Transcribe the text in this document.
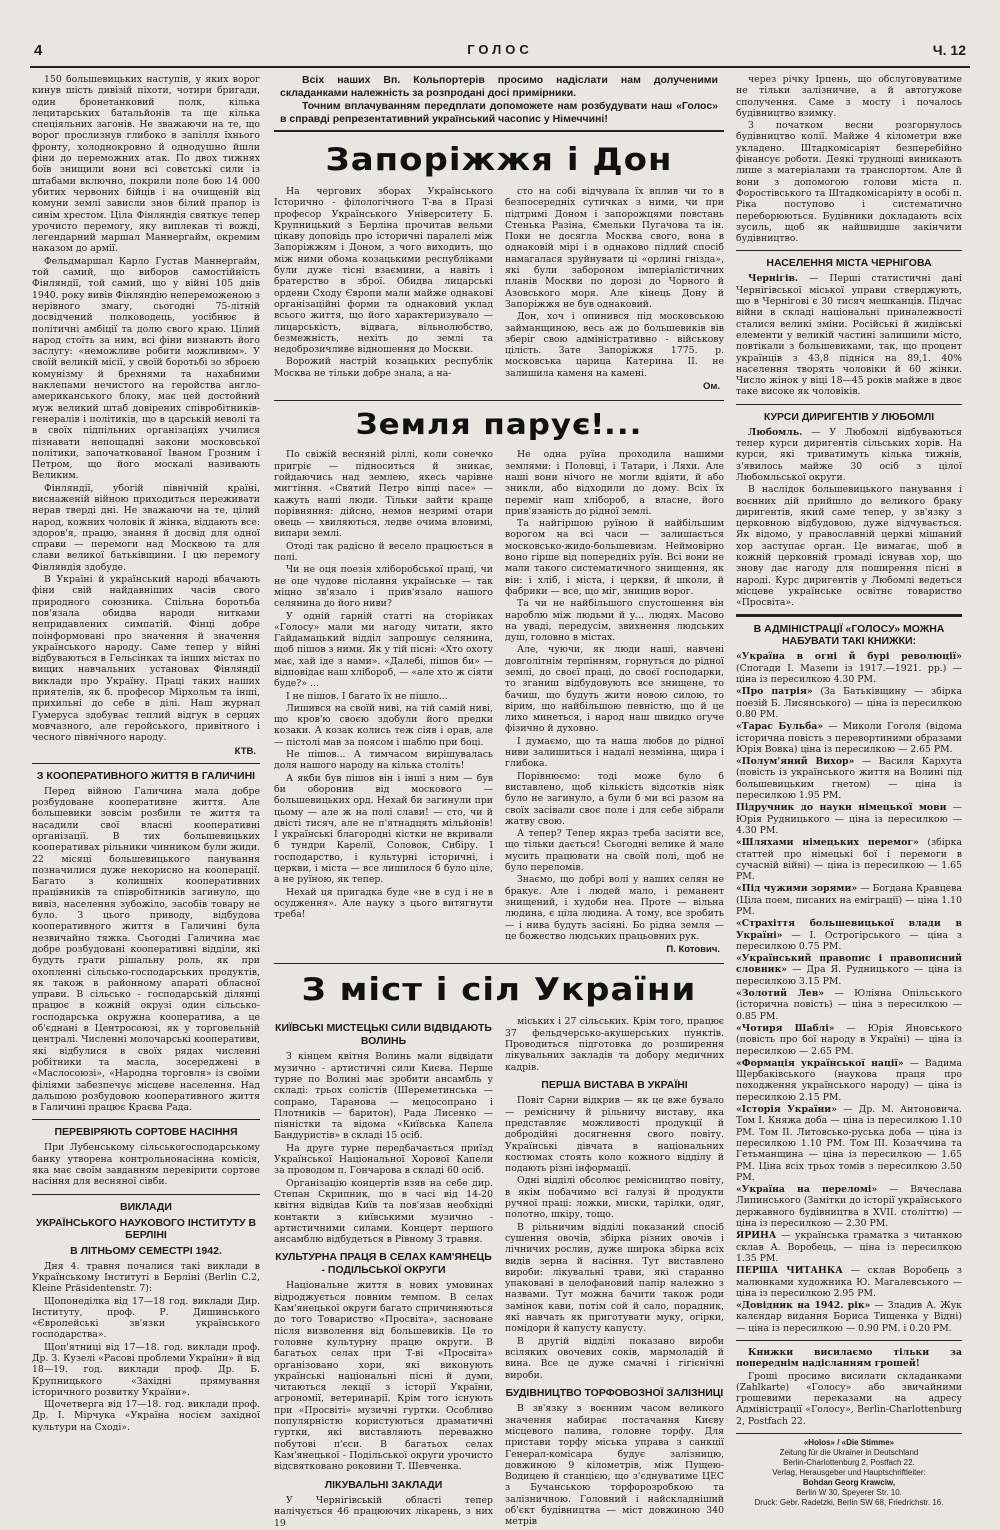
4	ГОЛОС	Ч. 12

150 большевицьких наступів, у яких ворог кинув шість дивізій піхоти, чотири бригади, один бронетанковий полк, кілька лецитарських батальйонів та ще кілька спеціяльних загонів. Не зважаючи на те, що ворог прослизнув глибоко в запілля їхнього фронту, холоднокровно й однодушно йшли фіни до переможних атак. По двох тижнях боїв знищили вони всі совєтські сили із штабами включно, покрили поле бою 14 000 убитих червоних бійців і на очищеній від комуни землі зависли знов білий прапор із синім хрестом. Ціла Фінляндія святкує тепер урочисто перемогу, яку виплекав ті вожді, легендарний маршал Маннергайм, окремим наказом до армії.

Фельдмаршал Карло Густав Маннергайм, той самий, що виборов самостійність Фінляндії, той самий, що у війні 105 днів 1940. року вивів Фінляндію непереможеною з нерівного змагу, сьогодні 75-літній досвідчений полководець, уосібнює й політичні амбіції та долю свого краю. Цілий народ стоїть за ним, всі фіни визнають його заслугу: «неможливе робити можливим». У своїй великій місії, у своїй боротьбі зо зброєю комунізму й брехнями та нахабними наклепами нечистого на геройства англо-американського блоку, має цей достойний муж великий штаб довірених співробітників-генералів і політиків, що в царській неволі та в своїх підпільних організаціях училися пізнавати непощадні закони московської політики, започаткованої Іваном Грозним і Петром, що його москалі називають Великим.

Фінляндії, убогій північній країні, виснаженій війною приходиться переживати нерав тверді дні. Не зважаючи на те, цілий народ, кожних чоловік й жінка, віддають все: здоров'я, працю, знання й досвід для одної справи — перемоги над Москвою та для слави великої батьківщини. І цю перемогу Фінляндія здобуде.

В Україні й український народі вбачають фіни свій найдавніших часів свого природного союзника. Спільна боротьба пов'язала обидва народи нитками непридавлених симпатій. Фінці добре поінформовані про значення й значення українського народу. Саме тепер у війні відбуваються в Гельсінках та інших містах по вищих навчальних установах Фінляндії виклади про Україну. Праці таких наших приятелів, як б. професор Мірхольм та інші, прихильні до себе в ділі. Наш журнал Гумеруса здобуває теплий відгук в серцях мовчазного, але геройського, привітного і чесного північного народу.

КТВ.
З КООПЕРАТИВНОГО ЖИТТЯ В ГАЛИЧИНІ

Перед війною Галичина мала добре розбудоване кооперативне життя. Але большевики зовсім розбили те життя та насадили свої власні кооперативні організації. В тих большевицьких кооперативах рільники чинником були жиди. 22 місяці большевицького панування позначилися дуже некорисно на кооперації. Багато з колишніх кооперативних працівників та співробітників загинуло, що вивіз, населення зубожіло, засобів товару не було. З цього приводу, відбудова кооперативного життя в Галичині була незвичайно тяжка. Сьогодні Галичина має добре розбудовані кооперативні відділи, які будуть грати рішальну роль, як при охопленні сільсько-господарських продуктів, як також в районному апараті обласної управи. В сільсько - господарській ділянці працює в кожній окрузі один сільсько-господарська окружна кооператива, а це об'єднані в Центросоюзі, як у торговельній централі. Численні молочарські кооперативи, які відбулися в своїх рядах численні робітники та масла, зосереджені в «Маслосоюзі», «Народна торговля» із своїми філіями забезпечує місцеве населення. Над дальшою розбудовою кооперативного життя в Галичині працює Краєва Рада.

ПЕРЕВІРЯЮТЬ СОРТОВЕ НАСІННЯ

При Лубенському сільськогосподарському банку утворена контрольнонасінна комісія, яка має своїм завданням перевірити сортове насіння для весняної сівби.

ВИКЛАДИ
УКРАЇНСЬКОГО НАУКОВОГО ІНСТИТУТУ В БЕРЛІНІ
В ЛІТНЬОМУ СЕМЕСТРІ 1942.

Дня 4. травня почалися такі виклади в Українському Інституті в Берліні (Berlin C.2, Kleine Präsidentenstr. 7):

Щопонеділка від 17—18 год. виклади Дир. Інституту, проф. Р. Дишинського «Європейські зв'язки українського господарства».

Щоп'ятниці від 17—18. год. виклади проф. Др. З. Кузелі «Расові проблеми України» й від 18—19. год. виклади проф. Др. Б. Крупницького «Західні прямування історичного розвитку України».

Щочетверга від 17—18. год. виклади проф. Др. І. Мірчука «Україна носієм західної культури на Сході».

Всіх наших Вп. Кольпортерів просимо надіслати нам долученими складанками належність за розпродані досі примірники.

Точним вплачуванням передплати допоможете нам розбудувати наш «Голос» в справді репрезентативний український часопис у Німеччині!

Запоріжжя і Дон

На чергових зборах Українського Історично - філологічного Т-ва в Празі професор Українського Університету Б. Крупницький з Берліна прочитав вельми цікаву доповідь про історичні паралелі між Запоріжжям і Доном, з чого виходить, що між ними обома козацькими республіками були дуже тісні взаємини, а навіть і братерство в зброї. Обидва лицарські ордени Сходу Європи мали майже однакові організаційні форми та однаковий уклад всього життя, що його характеризувало — лицарськість, відвага, вільнолюбство, безмежність, нехіть до землі та недоброзичливе відношення до Москви.

Ворожий настрій козацьких республік Москва не тільки добре знала, а на-

сто на собі відчувала їх вплив чи то в безпосередніх сутичках з ними, чи при підтримі Доном і запорожцями повстань Стенька Разіна, Ємельки Пугачова та ін. Поки не досягла Москва свого, вона в однаковій мірі і в однаково підлий спосіб намагалася зруйнувати ці «орлині гнізда», які були забороном імперіалістичних планів Москви по дорозі до Чорного й Азовського моря. Але кінець Дону й Запоріжжя не був однаковий.

Дон, хоч і опинився під московською займанщиною, весь аж до большевиків вів зберіг свою адміністративно - військову цілість. Зате Запоріжжя 1775. р. московська царица Катерина II. не залишила каменя на камені.

Ом.
Земля паруєǃ...

По свіжій весняній ріллі, коли сонечко пригріє — підноситься й зникає, гойдаючись над землею, якесь чарівне мигтіння. «Святий Петро віпці пасе» — кажуть наші люди. Тільки зайти краще порівняння: дійсно, немов незримі отари овець — хвиляються, ледве очима вловимі, випари землі.

Отоді так радісно й весело працюється в полі.

Чи не оця поезія хліборобської праці, чи не оце чудове післання українське — так міцно зв'язало і прив'язало нашого селянина до його ниви?

У одній гарній статті на сторінках «Голосу» мали ми нагоду читати, якто Гайдамацький відділ запрошує селянина, щоб пішов з ними. Як у тій пісні: «Хто охоту має, хай іде з нами». «Далебі, пішов би» — відповідає наш хлібороб, — «але хто ж сіяти буде?» ...

І не пішов. І багато їх не пішло...

Лишився на своїй ниві, на тій самій ниві, що кров'ю своєю здобули його предки козаки. А козак колись теж сіяв і орав, але — пістолі мав за поясом і шаблю при боці.

Не пішов... А тимчасом вирішувалась доля нашого народу на кілька століть!

А якби був пішов він і інші з ним — був би оборонив від москового — большевицьких орд. Нехай би загинули при цьому — але ж на полі слави! — сто, чи й двісті тисяч, але не п'ятнадцять мільйонів! І українські благородні кістки не вкривали б тундри Карелії, Соловок, Сибіру. І господарство, і культурні історичні, і церкви, і міста — все лишилося б було ціле, а не руїною, як тепер.

Нехай ця пригадка буде «не в суд і не в осудження». Але науку з цього витягнути треба!

Не одна руїна проходила нашими землями: і Половці, і Татари, і Ляхи. Але наші вони нічого не могли вдіяти, й або зникли, або відходили до дому. Всіх їх переміг наш хлібороб, а власне, його прив'язаність до рідної землі.

Та найгіршою руїною й найбільшим ворогом на всі часи — залишається московсько-жидо-большевизм. Неймовірно воно гірше від попередніх руїн. Всі вони не мали такого систематичного знищення, як він: і хліб, і міста, і церкви, й школи, й фабрики — все, що міг, знищив ворог.

Та чи не найбільшого спустошення він нароблю між людьми й у... людях. Масово на уваді, передусім, звихнення людських душ, головно в містах.

Але, чуючи, як люди наші, навчені довголітнім терпінням, горнуться до рідної землі, до своєї праці, до своєї господарки, то зганиш відбудовують все знищене, то бачиш, що будуть жити новою силою, то вірим, що найбільшою певністю, що й це лихо минеться, і народ наш швидко огуче фізично й духовно.

І думаємо, що та наша любов до рідної ниви залишиться і надалі незмінна, щира і глибока.

Порівнюємо: тоді може було б виставлено, щоб кількість відсотків ніяк було не загинуло, а були б ми всі разом на своїх засівали своє поле і для себе зібрали жатву свою.

А тепер? Тепер якраз треба засіяти все, що тільки дається! Сьогодні велике й мале мусить працювати на своїй полі, щоб не було переломів.

Знаємо, що добрі волі у наших селян не бракує. Але і людей мало, і реманент знищений, і худоби неа. Проте — вільна людина, є ціла людина. А тому, все зробить — і нива будуть засіяні. Бо рідна земля — це божество людських працьовних рук.

П. Котович.
З міст і сіл України
КИЇВСЬКІ МИСТЕЦЬКІ СИЛИ ВІДВІДАЮТЬ ВОЛИНЬ

З кінцем квітня Волинь мали відвідати музично - артистичні сили Києва. Перше турне по Волині має зробити ансамбль у складі: трьох солістів (Шереметинська — сопрано, Таранова — мецосопрано і Плотників — баритон), Рада Лисенко — піяністки та відома «Київська Капела Бандуристів» в складі 15 осіб.

На друге турне передбачається приїзд Української Національної Хорової Капели за проводом п. Гончарова в складі 60 осіб.

Організацію концертів взяв на себе дир. Степан Скрипник, що в часі від 14-20 квітня відвідав Київ та пов'язав необхідні контакти з київськими музично - артистичними силами. Концерт першого ансамблю відбудеться в Рівному 3 травня.

КУЛЬТУРНА ПРАЦЯ В СЕЛАХ КАМ'ЯНЕЦЬ - ПОДІЛЬСЬКОЇ ОКРУГИ

Національне життя в нових умовинах відроджується повним темпом. В селах Кам'янецької округи багато спричиняються до того Товариство «Просвіта», засноване після визволення від большевиків. Це то головне культурну працю округи. В багатьох селах при Т-ві «Просвіта» організовано хори, які виконують українські національні пісні й думи, читаються лекції з історії України, агрономії, ветеринарії. Крім того існують при «Просвіті» музичні гуртки. Особливо популярністю користуються драматичні гуртки, які виставляють переважно побутові п'єси. В багатьох селах Кам'янецької - Подільської округи урочисто відсвятковано роковини Т. Шевченка.

ЛІКУВАЛЬНІ ЗАКЛАДИ

У Чернігівській області тепер налічується 46 працюючих лікарень, з них 19

міських і 27 сільських. Крім того, працює 37 фельдчерсько-акушерських пунктів. Проводиться підготовка до розширення лікувальних закладів та добору медичних кадрів.

ПЕРША ВИСТАВА В УКРАЇНІ

Повіт Сарни відкрив — як це вже бувало — ремісничу й рільничу виставу, яка представляє можливості продукції й добродійні досягнення свого повіту. Українські дівчата в національних костюмах стоять коло кожного відділу й подають різні інформації.

Одні відділі обсолює ремісництво повіту, в якім побачимо всі галузі й продукти ручної праці: ложки, миски, тарілки, одяг, полотно, шкіру, тощо.

В рільничим відділі показаний спосіб сушення овочів, збірка різних овочів і лічничих рослин, дуже широка збірка всіх видів зерна й насіння. Тут виставлено вироби: лікувальні трави, які старанно упаковані в целофановий папір належно з назвами. Тут можна бачити також роди замінок кави, потім сой й сало, порадник, які навчать як приготувати муку, огірки, помідори й капусту капусту.

В другій відділі показано вироби всіляких овочевих соків, мармоладій й вина. Все це дуже смачні і гігієнічні вироби.

БУДІВНИЦТВО ТОРФОВОЗНОЇ ЗАЛІЗНИЦІ

В зв'язку з воєнним часом великого значення набирає постачання Києву місцевого палива, головне торфу. Для пристави торфу міська управа з санкції Генерал-комісара будує залізницю, довжиною 9 кілометрів, між Пущею-Водицею й станцією, що з'єднуватиме ЦЕС з Бучанською торфорозробкою та залізничною. Головний і найскладніший об'єкт будівництва — міст довжиною 340 метрів

через річку Ірпень, що обслуговуватиме не тільки залізничне, а й автогужове сполучення. Саме з мосту і почалось будівництво взимку.

З початком весни розгорнулось будівництво колії. Майже 4 кілометри вже укладено. Штадкомісаріят безперебійно фінансує роботи. Деякі труднощі виникають лише з матеріалами та транспортом. Але й вони з допомогою голови міста п. Форостівського та Штадкомісаріяту в особі п. Ріка поступово і систематично переборюються. Будівники докладають всіх зусиль, щоб як найшвидше закінчити будівництво.

НАСЕЛЕННЯ МІСТА ЧЕРНІГОВА

Чернігів. — Перші статистичні дані Чернігівської міської управи стверджують, що в Чернігові є 30 тисяч мешканців. Підчас війни в складі національні приналежності сталися великі зміни. Російські й жидівські елементи у великій частині залишили місто, повтікали з большевиками, так, що процент українців з 43,8 підніся на 89,1. 40% населення творять чоловіки й 60 жінки. Число жінок у віці 18—45 років майже в двоє таке високе як чоловіків.

КУРСИ ДИРИГЕНТІВ У ЛЮБОМЛІ

Любомль. — У Любомлі відбуваються тепер курси диригентів сільських хорів. На курси, які триватимуть кілька тижнів, з'явилось майже 30 осіб з цілої Любомльської округи.

В наслідок большевицького панування і воєнних дій прийшло до великого браку диригентів, який саме тепер, у зв'язку з церковною відбудовою, дуже відчувається. Як відомо, у православній церкві мішаний хор заступає орган. Це вимагає, щоб в кожній церковній громаді існував хор, що знову дає нагоду для поширення пісні в народі. Курс диригентів у Любомлі ведеться місцеве українське освітнє товариство «Просвіта».

В АДМІНІСТРАЦІЇ «ГОЛОСУ» МОЖНА НАБУВАТИ ТАКІ КНИЖКИ:

«Україна в огні й бурі революції» (Спогади І. Мазепи із 1917.—1921. рр.) — ціна із пересилкою 4.30 РМ.

«Про патрія» (За Батьківщину — збірка поезій Б. Лисянського) — ціна із пересилкою 0.80 РМ.

«Тарас Бульба» — Миколи Гоголя (відома історична повість з перевортиними образами Юрія Вовка) ціна із пересилкою — 2.65 РМ.

«Полум'яний Вихор» — Василя Кархута (повість із українського життя на Волині під большевицьким гнетом) — ціна із пересилкою 1.95 РМ.

Підручник до науки німецької мови — Юрія Рудницького — ціна із пересилкою — 4.30 РМ.

«Шляхами німецьких перемог» (збірка статтей про німецькі бої і перемоги в сучасній війні) — ціна із пересилкою — 1.65 РМ.

«Під чужими зорями» — Богдана Кравцева (Ціла поем, писаних на еміграції) — ціна 1.10 РМ.

«Страхіття большевицької влади в Україні» — І. Острогірського — ціна з пересилкою 0.75 РМ.

«Український правопис і правописний словник» — Дра Я. Рудницького — ціна із пересилкою 3.15 РМ.

«Золотий Лев» — Юліяна Опільського (історична повість) — ціна з пересилкою — 0.85 РМ.

«Чотиря Шаблі» — Юрія Яновського (повість про бої народу в Україні) — ціна із пересилкою — 2.65 РМ.

«Формація української нації» — Вадима Щербаківського (наукова праця про походження українського народу) — ціна із пересилкою 2.15 РМ.

«Історія України» — Др. М. Антоновича. Том І. Княжа доба — ціна із пересилкою 1.10 РМ. Том II. Литовсько-руська доба — ціна із пересилкою 1.10 РМ. Том III. Козаччина та Гетьманщина — ціна із пересилкою — 1.65 РМ. Ціна всіх трьох томів з пересилкою 3.50 РМ.

«Україна на переломі» — Вячеслава Липинського (Замітки до історії українського державного будівництва в XVII. століттю) — ціна із пересилкою — 2.30 РМ.

ЯРИНА — українська граматка з читанкою склав А. Воробець, — ціна із пересилкою 1.35 РМ.

ПЕРША ЧИТАНКА — склав Воробець з малюнками художника Ю. Магалевського — ціна із пересилкою 2.95 РМ.

«Довідник на 1942. рік» — Зладив А. Жук калєндар видання Бориса Тищенка у Відні) — ціна із пересилкою — 0.90 РМ. і 0.20 РМ.

Книжки висилаємо тільки за попереднім надісланням грошей!

Гроші просимо висилати складанками (Zahlkarte) «Голосу» або звичайними грошевими переказами на адресу Адміністрації «Голосу», Berlin-Charlottenburg 2, Postfach 22.

«Holos» / «Die Stimme»
Zeitung für die Ukrainer in Deutschland
Berlin-Charlottenburg 2, Postfach 22.
Verlag, Herausgeber und Hauptschriftleiter:
Bohdan Georg Krawciw,
Berlin W 30, Speyerer Str. 10.
Druck: Gebr. Radetzki, Berlin SW 68, Friedrichstr. 16.
